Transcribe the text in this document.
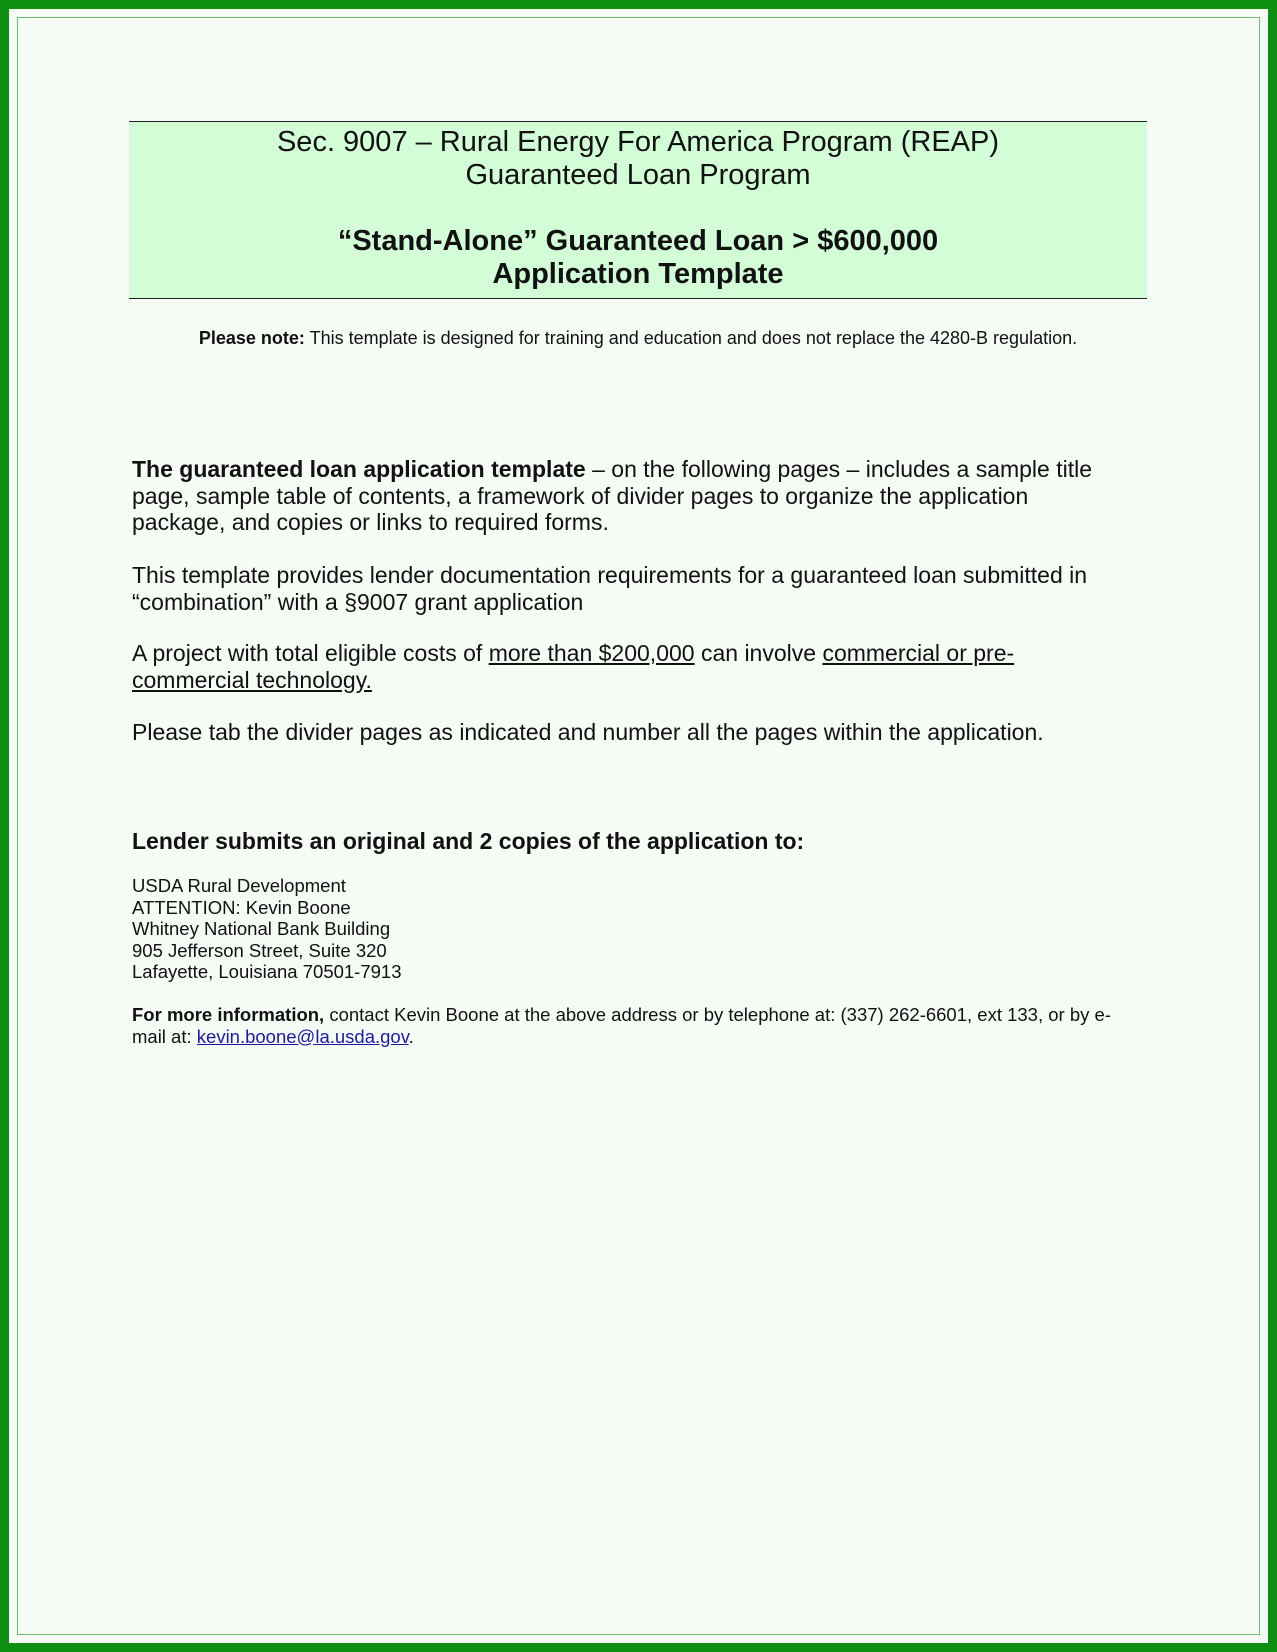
Sec. 9007 – Rural Energy For America Program (REAP)
Guaranteed Loan Program
“Stand-Alone” Guaranteed Loan > $600,000
Application Template
Please note: This template is designed for training and education and does not replace the 4280-B regulation.
The guaranteed loan application template – on the following pages – includes a sample title page, sample table of contents, a framework of divider pages to organize the application package, and copies or links to required forms.
This template provides lender documentation requirements for a guaranteed loan submitted in “combination” with a §9007 grant application
A project with total eligible costs of more than $200,000 can involve commercial or pre-commercial technology.
Please tab the divider pages as indicated and number all the pages within the application.
Lender submits an original and 2 copies of the application to:
USDA Rural Development
ATTENTION: Kevin Boone
Whitney National Bank Building
905 Jefferson Street, Suite 320
Lafayette, Louisiana 70501-7913
For more information, contact Kevin Boone at the above address or by telephone at: (337) 262-6601, ext 133, or by e-mail at: kevin.boone@la.usda.gov.
